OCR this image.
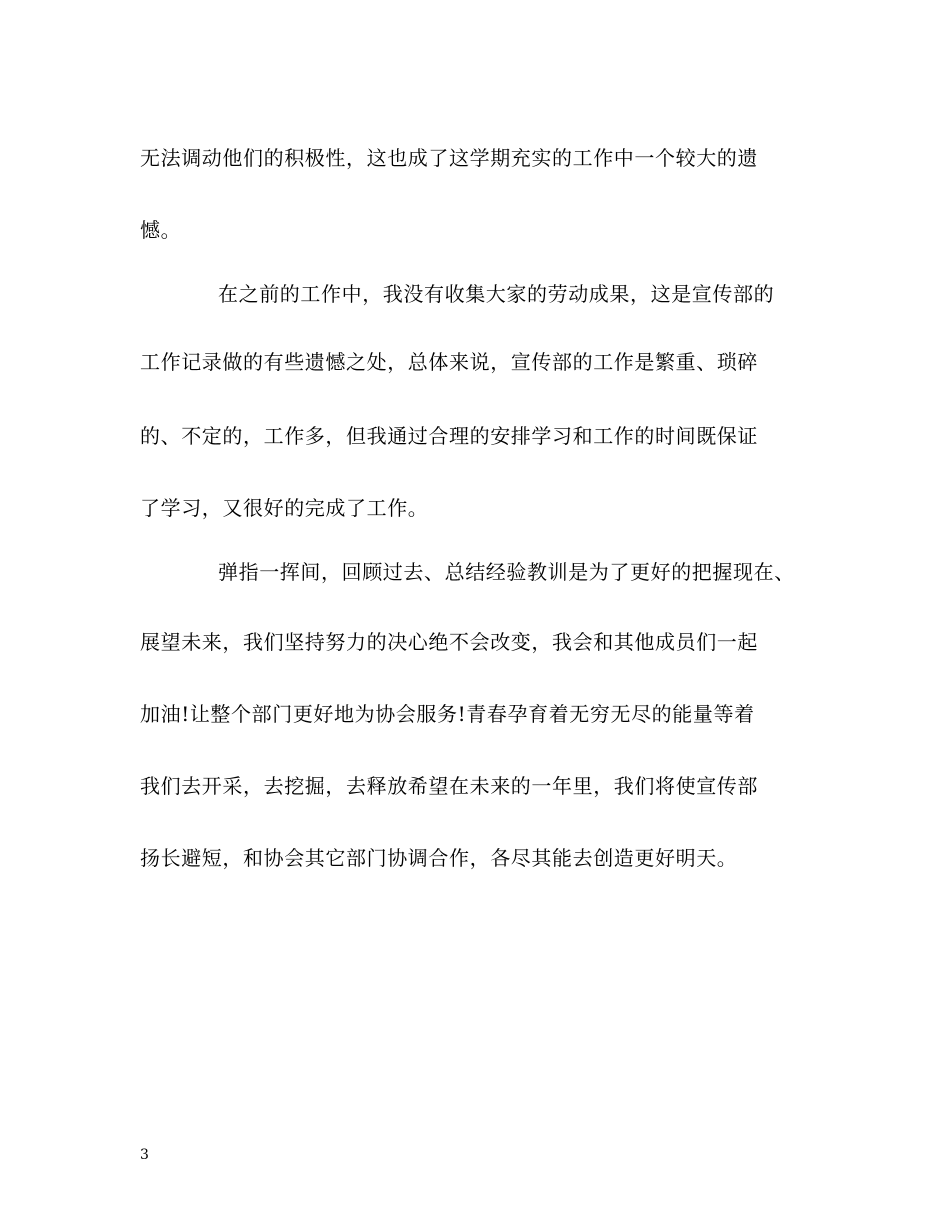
无法调动他们的积极性，这也成了这学期充实的工作中一个较大的遗
憾。
在之前的工作中，我没有收集大家的劳动成果，这是宣传部的
工作记录做的有些遗憾之处，总体来说，宣传部的工作是繁重、琐碎
的、不定的，工作多，但我通过合理的安排学习和工作的时间既保证
了学习，又很好的完成了工作。
弹指一挥间，回顾过去、总结经验教训是为了更好的把握现在、
展望未来，我们坚持努力的决心绝不会改变，我会和其他成员们一起
加油!让整个部门更好地为协会服务!青春孕育着无穷无尽的能量等着
我们去开采，去挖掘，去释放希望在未来的一年里，我们将使宣传部
扬长避短，和协会其它部门协调合作，各尽其能去创造更好明天。
3
